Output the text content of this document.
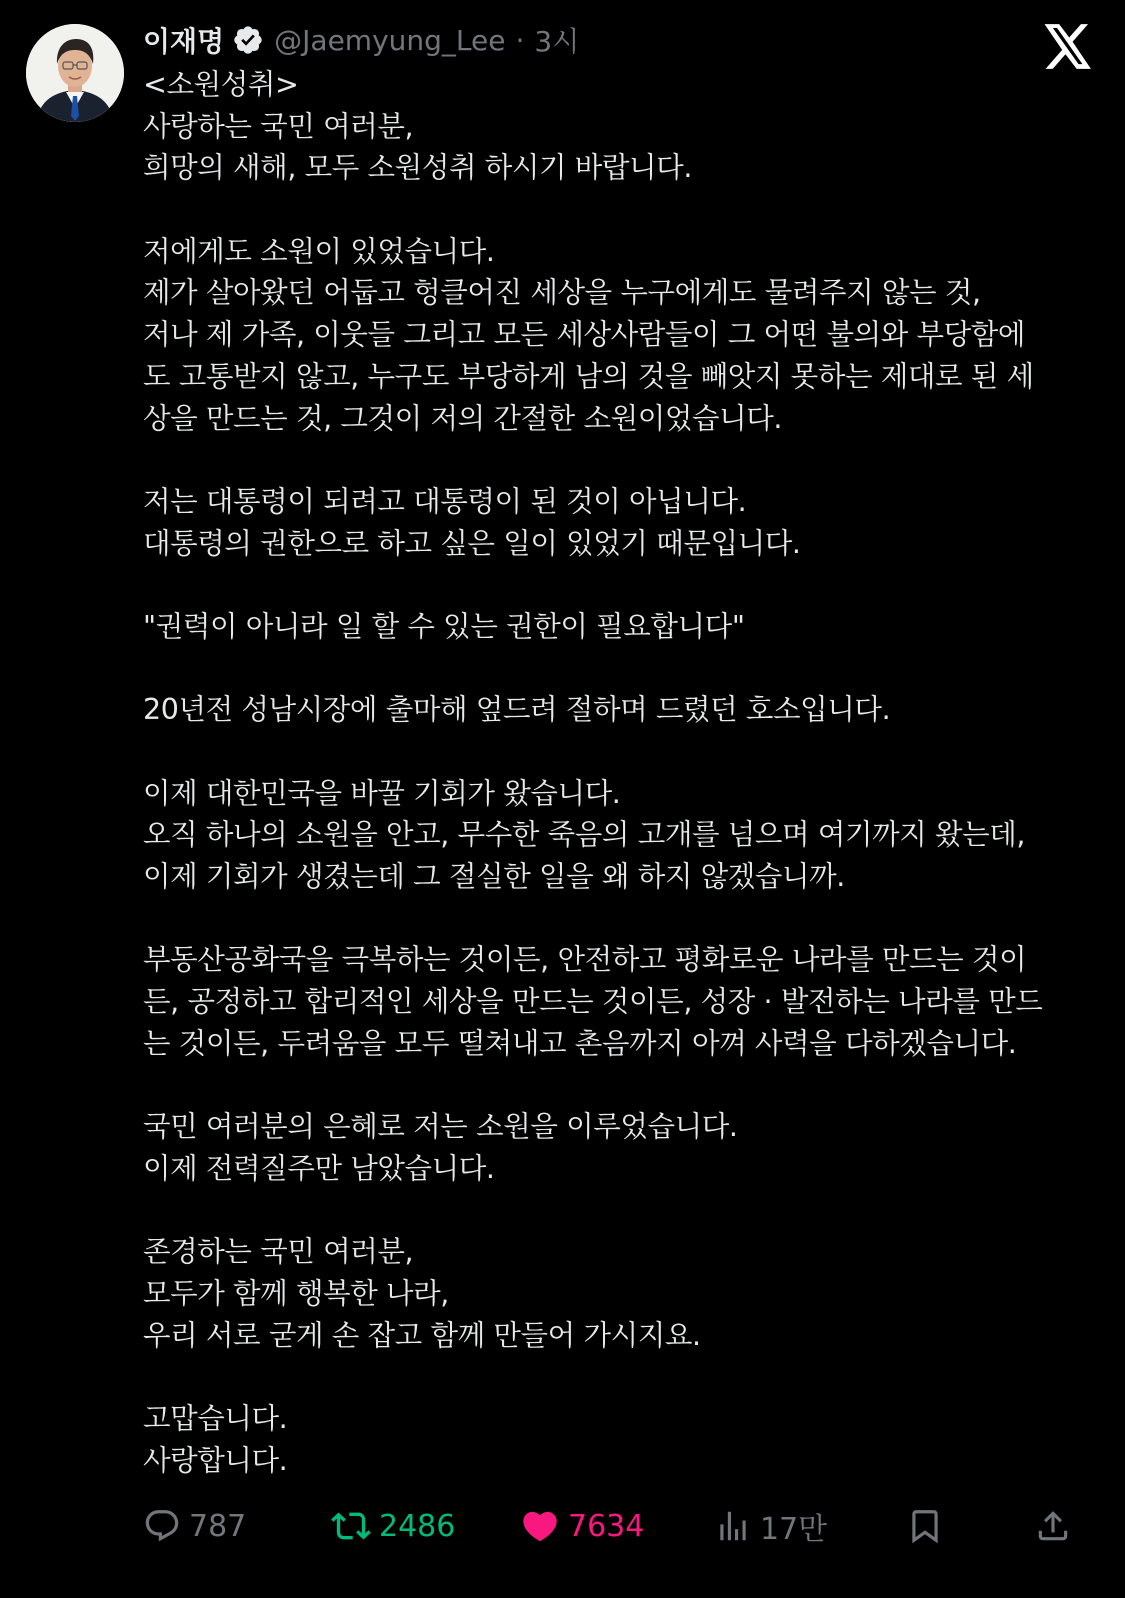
이재명 @Jaemyung_Lee · 3시
<소원성취>
사랑하는 국민 여러분,
희망의 새해, 모두 소원성취 하시기 바랍니다.
저에게도 소원이 있었습니다.
제가 살아왔던 어둡고 헝클어진 세상을 누구에게도 물려주지 않는 것,
저나 제 가족, 이웃들 그리고 모든 세상사람들이 그 어떤 불의와 부당함에
도 고통받지 않고, 누구도 부당하게 남의 것을 빼앗지 못하는 제대로 된 세
상을 만드는 것, 그것이 저의 간절한 소원이었습니다.
저는 대통령이 되려고 대통령이 된 것이 아닙니다.
대통령의 권한으로 하고 싶은 일이 있었기 때문입니다.
"권력이 아니라 일 할 수 있는 권한이 필요합니다"
20년전 성남시장에 출마해 엎드려 절하며 드렸던 호소입니다.
이제 대한민국을 바꿀 기회가 왔습니다.
오직 하나의 소원을 안고, 무수한 죽음의 고개를 넘으며 여기까지 왔는데,
이제 기회가 생겼는데 그 절실한 일을 왜 하지 않겠습니까.
부동산공화국을 극복하는 것이든, 안전하고 평화로운 나라를 만드는 것이
든, 공정하고 합리적인 세상을 만드는 것이든, 성장 · 발전하는 나라를 만드
는 것이든, 두려움을 모두 떨쳐내고 촌음까지 아껴 사력을 다하겠습니다.
국민 여러분의 은혜로 저는 소원을 이루었습니다.
이제 전력질주만 남았습니다.
존경하는 국민 여러분,
모두가 함께 행복한 나라,
우리 서로 굳게 손 잡고 함께 만들어 가시지요.
고맙습니다.
사랑합니다.
787	2486	7634	17만
